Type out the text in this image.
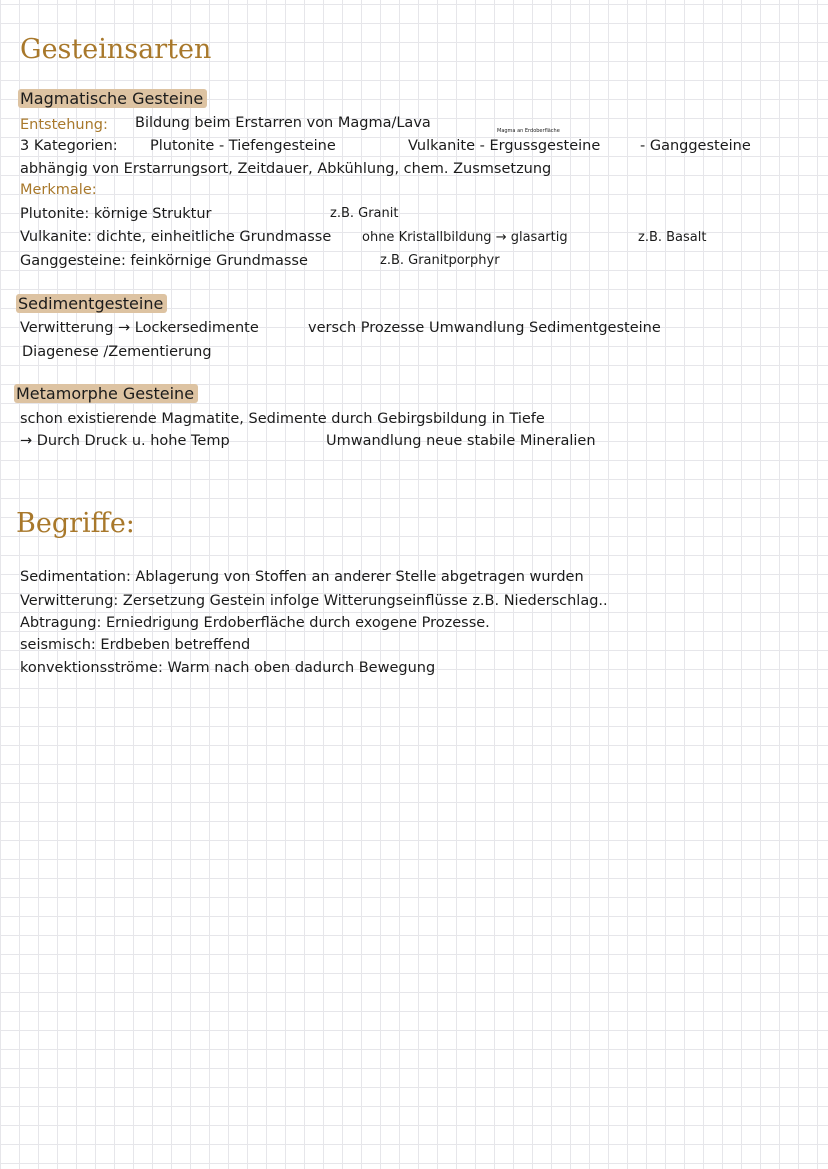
Gesteinsarten
Magmatische Gesteine
Entstehung: Bildung beim Erstarren von Magma/Lava
3 Kategorien: Plutonite - Tiefengesteine
Magma an Erdoberfläche
Vulkanite - Ergussgesteine	- Ganggesteine
abhängig von Erstarrungsort, Zeitdauer, Abkühlung, chem. Zusmsetzung
Merkmale:
Plutonite: körnige Struktur	z.B. Granit
Vulkanite: dichte, einheitliche Grundmasse ohne Kristallbildung → glasartig	z.B. Basalt
Ganggesteine: feinkörnige Grundmasse	z.B. Granitporphyr
Sedimentgesteine
Verwitterung → Lockersedimente	versch Prozesse Umwandlung Sedimentgesteine
Diagenese /Zementierung
Metamorphe Gesteine
schon existierende Magmatite, Sedimente durch Gebirgsbildung in Tiefe
→ Durch Druck u. hohe Temp	Umwandlung neue stabile Mineralien
Begriffe:
Sedimentation: Ablagerung von Stoffen an anderer Stelle abgetragen wurden
Verwitterung: Zersetzung Gestein infolge Witterungseinflüsse z.B. Niederschlag..
Abtragung: Erniedrigung Erdoberfläche durch exogene Prozesse.
seismisch: Erdbeben betreffend
konvektionsströme: Warm nach oben dadurch Bewegung
